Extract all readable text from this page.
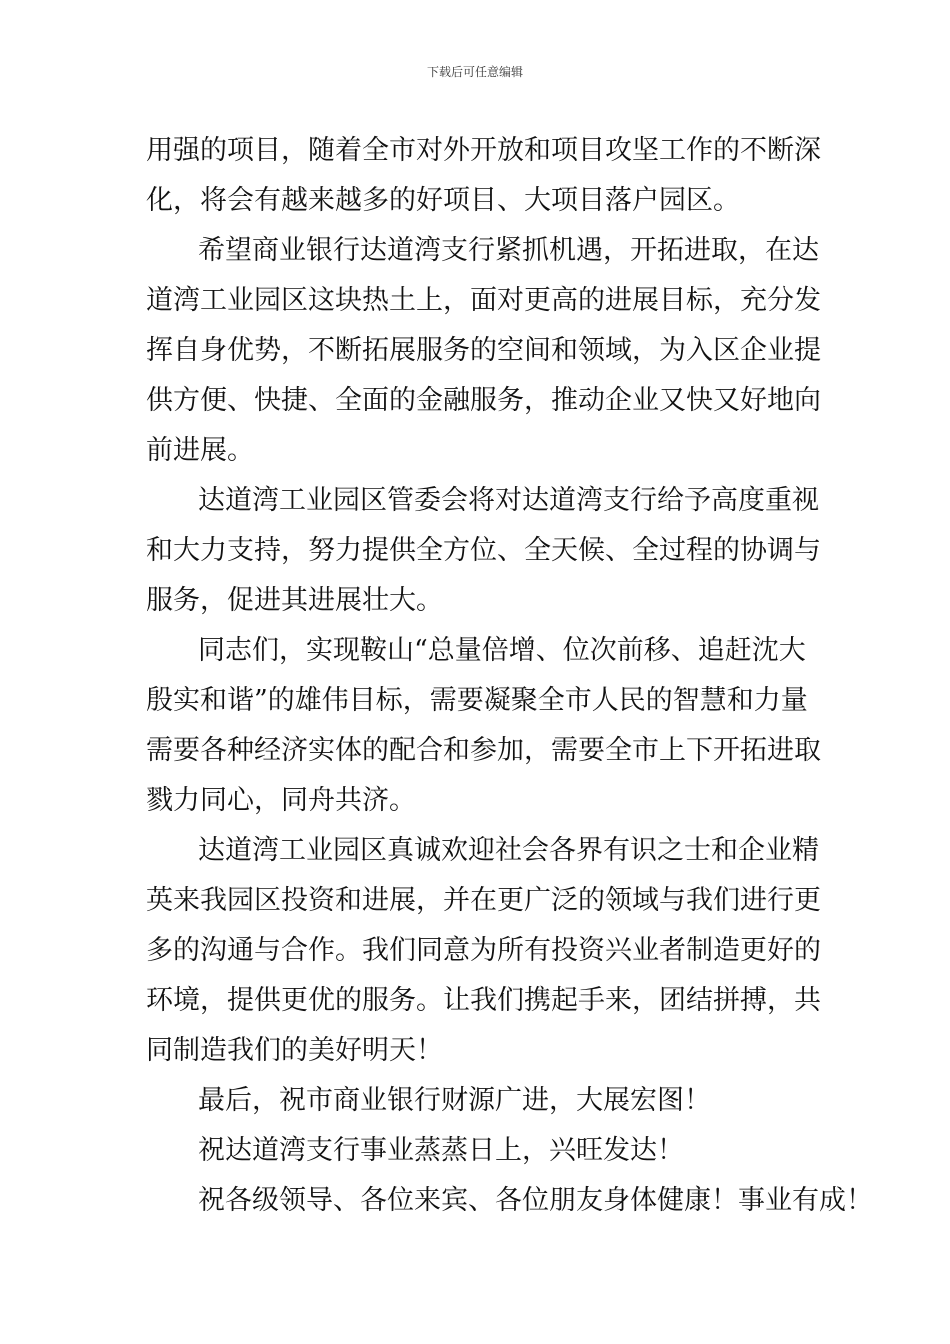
下载后可任意编辑
用强的项目，随着全市对外开放和项目攻坚工作的不断深
化，将会有越来越多的好项目、大项目落户园区。
希望商业银行达道湾支行紧抓机遇，开拓进取，在达
道湾工业园区这块热土上，面对更高的进展目标，充分发
挥自身优势，不断拓展服务的空间和领域，为入区企业提
供方便、快捷、全面的金融服务，推动企业又快又好地向
前进展。
达道湾工业园区管委会将对达道湾支行给予高度重视
和大力支持，努力提供全方位、全天候、全过程的协调与
服务，促进其进展壮大。
同志们，实现鞍山“总量倍增、位次前移、追赶沈大
殷实和谐”的雄伟目标，需要凝聚全市人民的智慧和力量
需要各种经济实体的配合和参加，需要全市上下开拓进取
戮力同心，同舟共济。
达道湾工业园区真诚欢迎社会各界有识之士和企业精
英来我园区投资和进展，并在更广泛的领域与我们进行更
多的沟通与合作。我们同意为所有投资兴业者制造更好的
环境，提供更优的服务。让我们携起手来，团结拼搏，共
同制造我们的美好明天！
最后，祝市商业银行财源广进，大展宏图！
祝达道湾支行事业蒸蒸日上，兴旺发达！
祝各级领导、各位来宾、各位朋友身体健康！事业有成！
